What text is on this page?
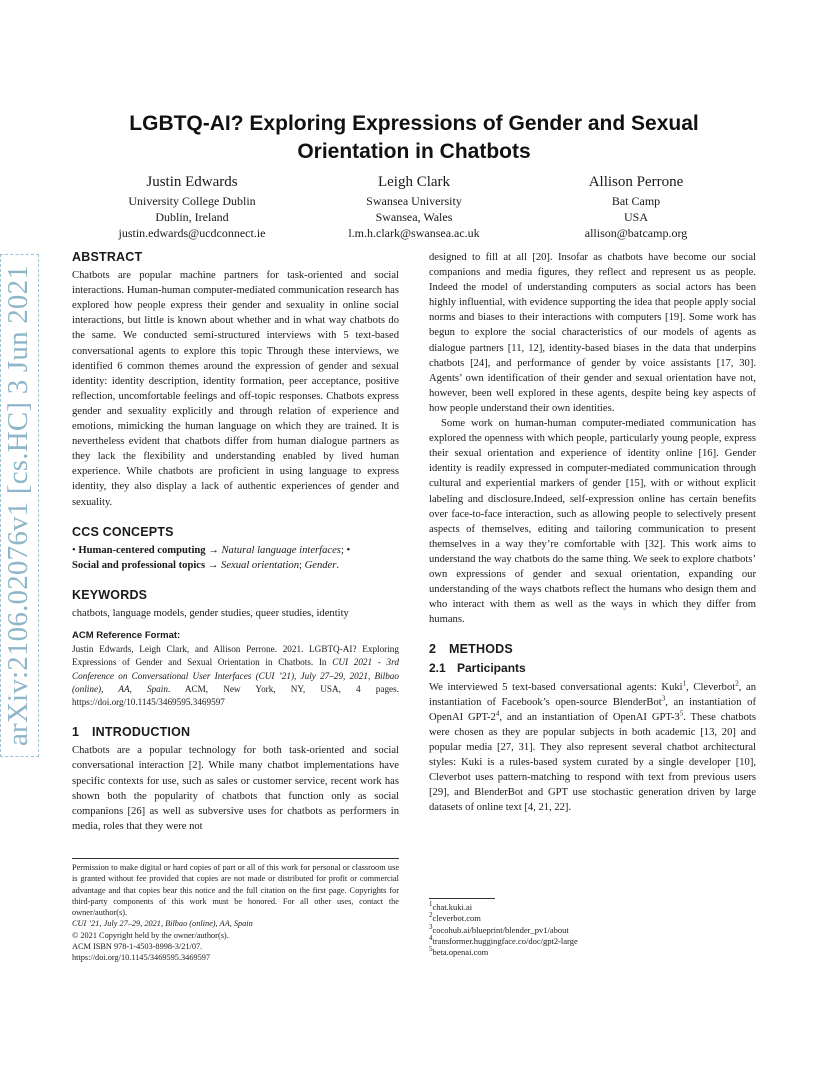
arXiv:2106.02076v1 [cs.HC] 3 Jun 2021
LGBTQ-AI? Exploring Expressions of Gender and Sexual
Orientation in Chatbots
Justin Edwards
University College Dublin
Dublin, Ireland
justin.edwards@ucdconnect.ie
Leigh Clark
Swansea University
Swansea, Wales
l.m.h.clark@swansea.ac.uk
Allison Perrone
Bat Camp
USA
allison@batcamp.org
ABSTRACT

Chatbots are popular machine partners for task-oriented and social interactions. Human-human computer-mediated communication research has explored how people express their gender and sexuality in online social interactions, but little is known about whether and in what way chatbots do the same. We conducted semi-structured interviews with 5 text-based conversational agents to explore this topic Through these interviews, we identified 6 common themes around the expression of gender and sexual identity: identity description, identity formation, peer acceptance, positive reflection, uncomfortable feelings and off-topic responses. Chatbots express gender and sexuality explicitly and through relation of experience and emotions, mimicking the human language on which they are trained. It is nevertheless evident that chatbots differ from human dialogue partners as they lack the flexibility and understanding enabled by lived human experience. While chatbots are proficient in using language to express identity, they also display a lack of authentic experiences of gender and sexuality.

CCS CONCEPTS

• Human-centered computing → Natural language interfaces; •
Social and professional topics → Sexual orientation; Gender.

KEYWORDS

chatbots, language models, gender studies, queer studies, identity

ACM Reference Format:

Justin Edwards, Leigh Clark, and Allison Perrone. 2021. LGBTQ-AI? Exploring Expressions of Gender and Sexual Orientation in Chatbots. In CUI 2021 - 3rd Conference on Conversational User Interfaces (CUI ’21), July 27–29, 2021, Bilbao (online), AA, Spain. ACM, New York, NY, USA, 4 pages. https://doi.org/10.1145/3469595.3469597

1 INTRODUCTION

Chatbots are a popular technology for both task-oriented and social conversational interaction [2]. While many chatbot implementations have specific contexts for use, such as sales or customer service, recent work has shown both the popularity of chatbots that function only as social companions [26] as well as subversive uses for chatbots as performers in media, roles that they were not

Permission to make digital or hard copies of part or all of this work for personal or classroom use is granted without fee provided that copies are not made or distributed for profit or commercial advantage and that copies bear this notice and the full citation on the first page. Copyrights for third-party components of this work must be honored. For all other uses, contact the owner/author(s).

CUI ’21, July 27–29, 2021, Bilbao (online), AA, Spain

© 2021 Copyright held by the owner/author(s).

ACM ISBN 978-1-4503-8998-3/21/07.

https://doi.org/10.1145/3469595.3469597

designed to fill at all [20]. Insofar as chatbots have become our social companions and media figures, they reflect and represent us as people. Indeed the model of understanding computers as social actors has been highly influential, with evidence supporting the idea that people apply social norms and biases to their interactions with computers [19]. Some work has begun to explore the social characteristics of our models of agents as dialogue partners [11, 12], identity-based biases in the data that underpins chatbots [24], and performance of gender by voice assistants [17, 30]. Agents’ own identification of their gender and sexual orientation have not, however, been well explored in these agents, despite being key aspects of how people understand their own identities.

Some work on human-human computer-mediated communication has explored the openness with which people, particularly young people, express their sexual orientation and experience of identity online [16]. Gender identity is readily expressed in computer-mediated communication through cultural and experiential markers of gender [15], with or without explicit labeling and disclosure.Indeed, self-expression online has certain benefits over face-to-face interaction, such as allowing people to selectively present aspects of themselves, editing and tailoring communication to present themselves in a way they’re comfortable with [32]. This work aims to understand the way chatbots do the same thing. We seek to explore chatbots’ own expressions of gender and sexual orientation, expanding our understanding of the ways chatbots reflect the humans who design them and who interact with them as well as the ways in which they differ from humans.

2 METHODS
2.1 Participants

We interviewed 5 text-based conversational agents: Kuki$^1$, Cleverbot$^2$, an instantiation of Facebook’s open-source BlenderBot$^3$, an instantiation of OpenAI GPT-$2^4$, and an instantiation of OpenAI GPT-$3^5$. These chatbots were chosen as they are popular subjects in both academic [13, 20] and popular media [27, 31]. They also represent several chatbot architectural styles: Kuki is a rules-based system curated by a single developer [10], Cleverbot uses pattern-matching to respond with text from previous users [29], and BlenderBot and GPT use stochastic generation driven by large datasets of online text [4, 21, 22].

$^1$chat.kuki.ai
$^2$cleverbot.com
$^3$cocohub.ai/blueprint/blender_pv1/about
$^4$transformer.huggingface.co/doc/gpt2-large
$^5$beta.openai.com
